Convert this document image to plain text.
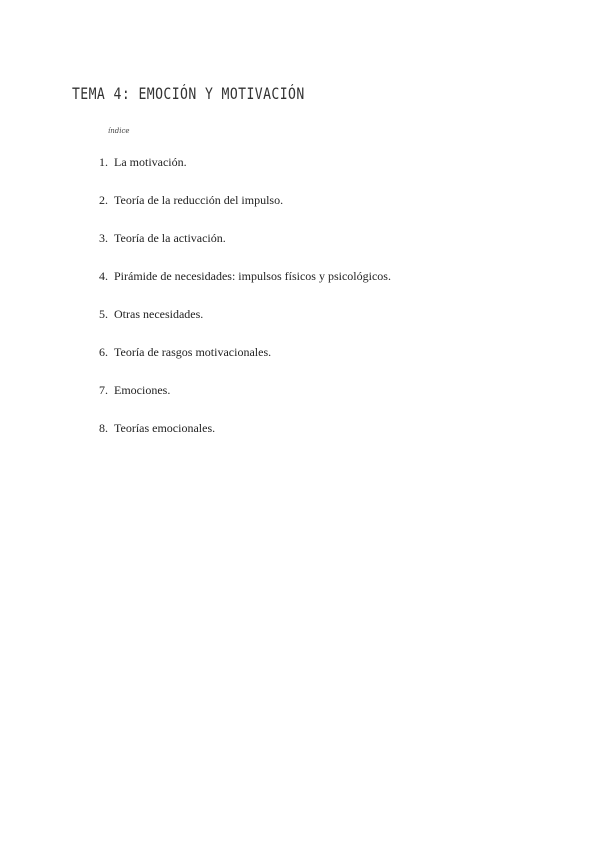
TEMA 4: EMOCIÓN Y MOTIVACIÓN
índice
1. La motivación.
2. Teoría de la reducción del impulso.
3. Teoría de la activación.
4. Pirámide de necesidades: impulsos físicos y psicológicos.
5. Otras necesidades.
6. Teoría de rasgos motivacionales.
7. Emociones.
8. Teorías emocionales.
